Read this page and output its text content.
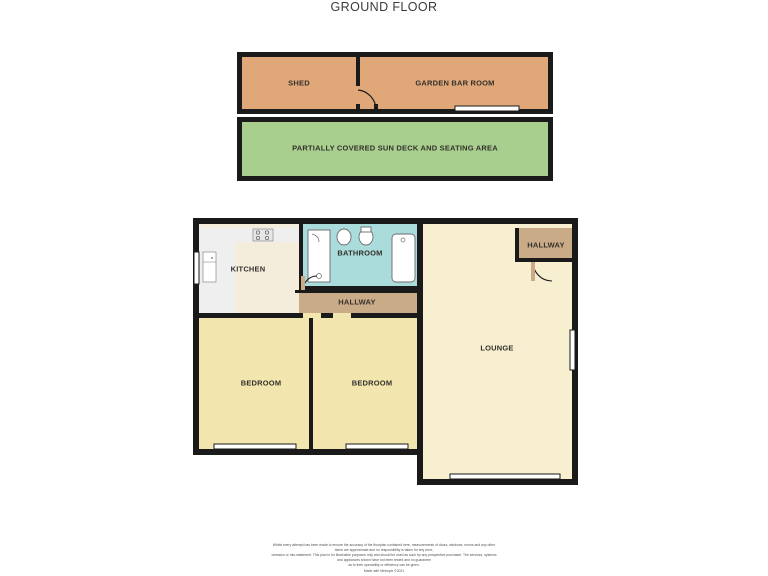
GROUND FLOOR
SHED	GARDEN BAR ROOM
PARTIALLY COVERED SUN DECK AND SEATING AREA
KITCHEN
BATHROOM
HALLWAY
HALLWAY
LOUNGE
BEDROOM	BEDROOM
Whilst every attempt has been made to ensure the accuracy of the floorplan contained here, measurements of doors, windows, rooms and any other items are approximate and no responsibility is taken for any error,
omission or mis-statement. This plan is for illustrative purposes only and should be used as such by any prospective purchaser. The services, systems and appliances shown have not been tested and no guarantee
as to their operability or efficiency can be given.
Made with Metropix ©2021
